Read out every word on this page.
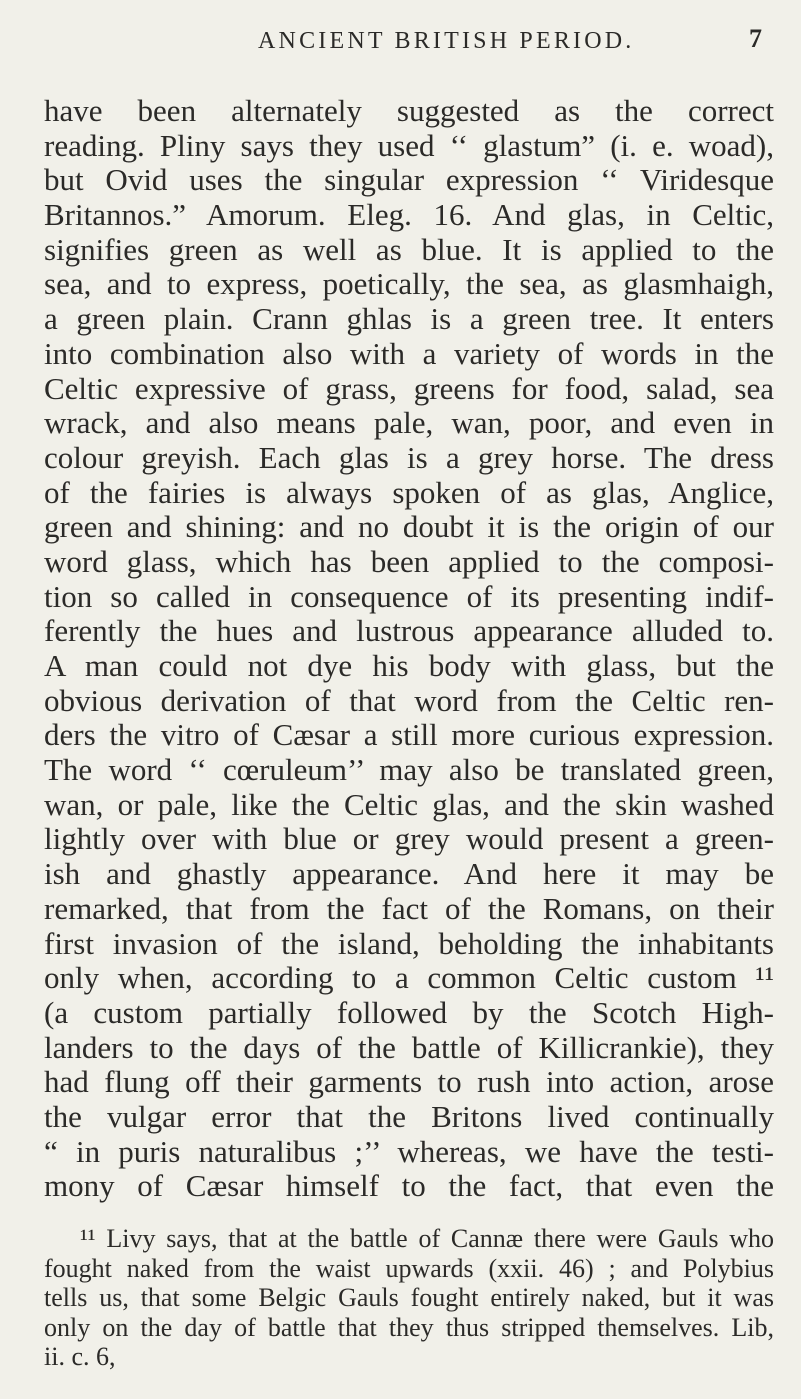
ANCIENT BRITISH PERIOD.	7
have been alternately suggested as the correct
reading. Pliny says they used ‘‘ glastum” (i. e. woad),
but Ovid uses the singular expression ‘‘ Viridesque
Britannos.” Amorum. Eleg. 16. And glas, in Celtic,
signifies green as well as blue. It is applied to the
sea, and to express, poetically, the sea, as glasmhaigh,
a green plain. Crann ghlas is a green tree. It enters
into combination also with a variety of words in the
Celtic expressive of grass, greens for food, salad, sea
wrack, and also means pale, wan, poor, and even in
colour greyish. Each glas is a grey horse. The dress
of the fairies is always spoken of as glas, Anglice,
green and shining: and no doubt it is the origin of our
word glass, which has been applied to the composi-
tion so called in consequence of its presenting indif-
ferently the hues and lustrous appearance alluded to.
A man could not dye his body with glass, but the
obvious derivation of that word from the Celtic ren-
ders the vitro of Cæsar a still more curious expression.
The word ‘‘ cœruleum’’ may also be translated green,
wan, or pale, like the Celtic glas, and the skin washed
lightly over with blue or grey would present a green-
ish and ghastly appearance. And here it may be
remarked, that from the fact of the Romans, on their
first invasion of the island, beholding the inhabitants
only when, according to a common Celtic custom ¹¹
(a custom partially followed by the Scotch High-
landers to the days of the battle of Killicrankie), they
had flung off their garments to rush into action, arose
the vulgar error that the Britons lived continually
“ in puris naturalibus ;’’ whereas, we have the testi-
mony of Cæsar himself to the fact, that even the
¹¹ Livy says, that at the battle of Cannæ there were Gauls who
fought naked from the waist upwards (xxii. 46) ; and Polybius
tells us, that some Belgic Gauls fought entirely naked, but it was
only on the day of battle that they thus stripped themselves. Lib,
ii. c. 6,
